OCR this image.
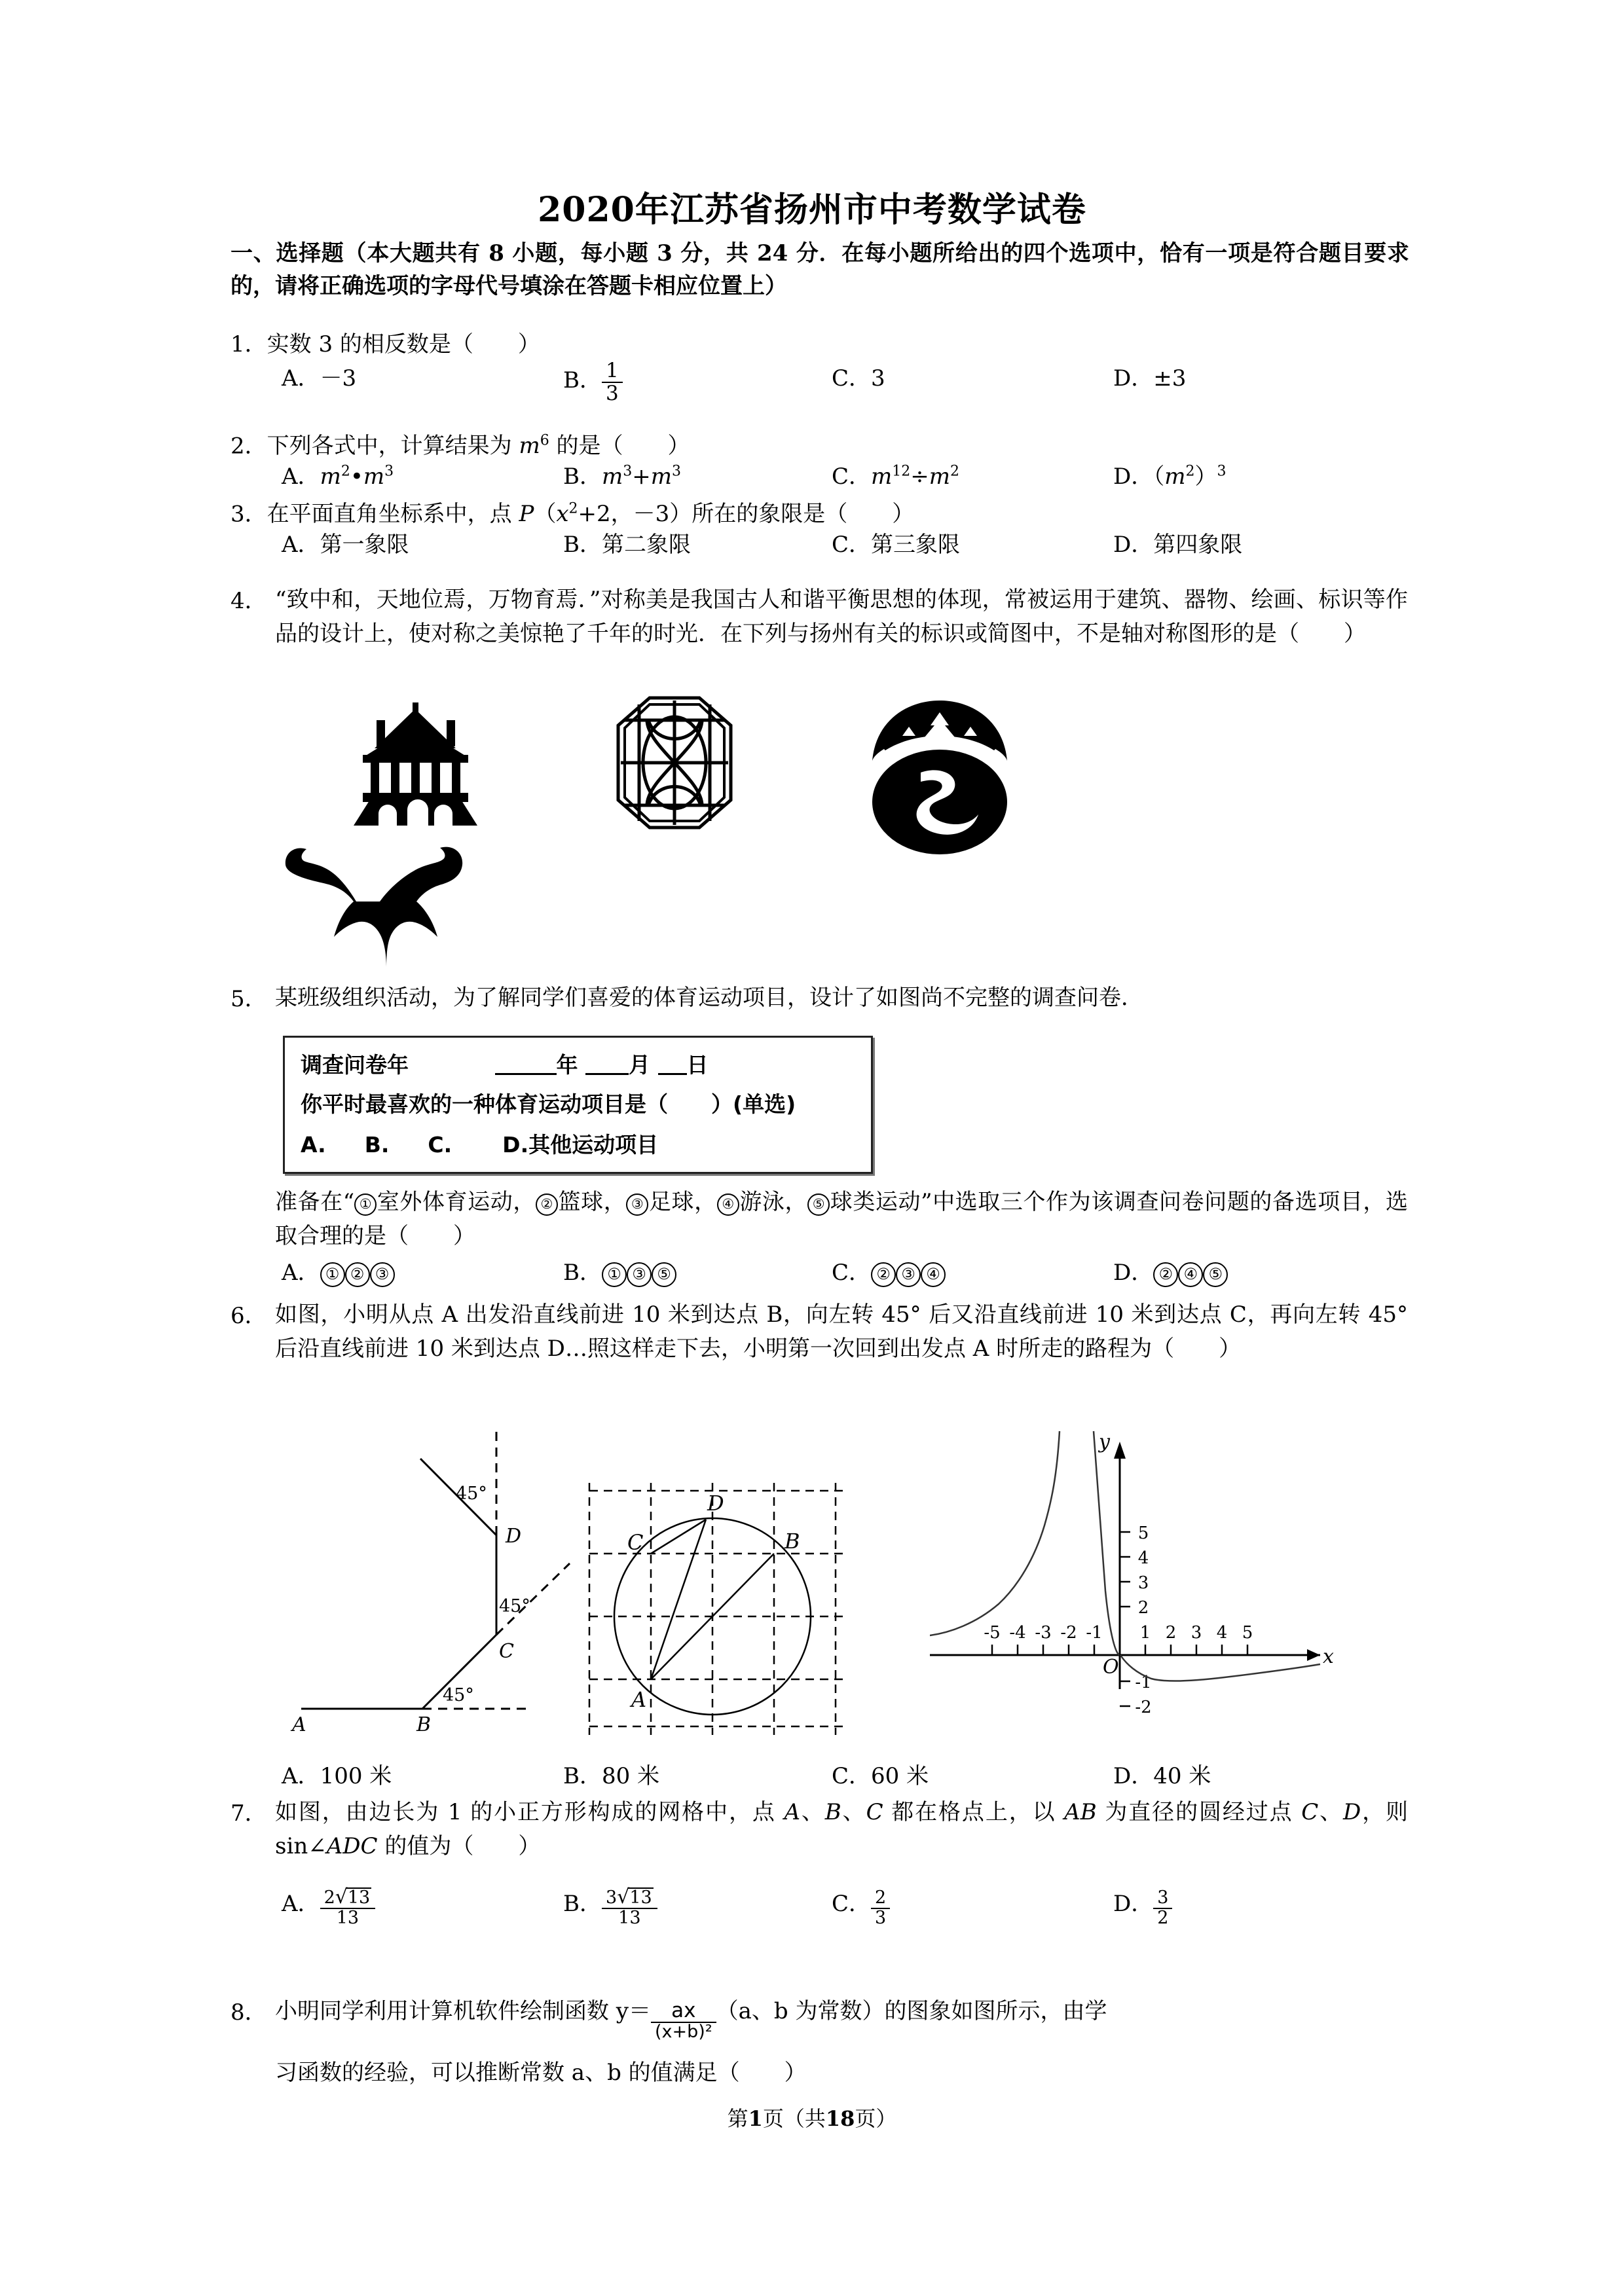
2020年江苏省扬州市中考数学试卷
一、选择题（本大题共有 8 小题，每小题 3 分，共 24 分．在每小题所给出的四个选项中，恰有一项是符合题目要求的，请将正确选项的字母代号填涂在答题卡相应位置上）
1．实数 3 的相反数是（　　）
A．－3	B． $\frac{1}{3}$	C．3	D．±3
2．下列各式中，计算结果为 $m^6$ 的是（　　）
A．$m^2•m^3$	B．$m^3+m^3$	C．$m^{12}\div m^2$	D．$(m^2)^3$
3．在平面直角坐标系中，点 $P(x^2+2$，－3）所在的象限是（　　）
A．第一象限	B．第二象限	C．第三象限	D．第四象限
4． “致中和，天地位焉，万物育焉．”对称美是我国古人和谐平衡思想的体现，常被运用于建筑、器物、绘画、标识等作品的设计上，使对称之美惊艳了千年的时光．在下列与扬州有关的标识或简图中，不是轴对称图形的是（　　）
5． 某班级组织活动，为了解同学们喜爱的体育运动项目，设计了如图尚不完整的调查问卷．
调查问卷年	年 月 日
你平时最喜欢的一种体育运动项目是（　　）(单选)
A. B. C. D.其他运动项目
准备在“ ① 室外体育运动， ② 篮球， ③ 足球， ④ 游泳， ⑤ 球类运动”中选取三个作为该调查问卷问题的备选项目，选取合理的是（　　）
A． ① ② ③	B． ① ③ ⑤	C． ② ③ ④	D． ② ④ ⑤
6． 如图，小明从点 A 出发沿直线前进 10 米到达点 B，向左转 45° 后又沿直线前进 10 米到达点 C，再向左转 45° 后沿直线前进 10 米到达点 D…照这样走下去，小明第一次回到出发点 A 时所走的路程为（　　）
A	B
C
D
45°
45°
45°
C
D
B
A
-5 -4 -3 -2 -1 1 2 3 4 5
5
4
3
2
-1
-2
O	x
y
A．100 米	B．80 米	C．60 米	D．40 米
7． 如图，由边长为 1 的小正方形构成的网格中，点 A、B、C 都在格点上，以 AB 为直径的圆经过点 C、D，则 sin∠ADC 的值为（　　）
A． $\frac{2√13}{13}$	B． $\frac{3√13}{13}$	C． $\frac{2}{3}$	D． $\frac{3}{2}$
8． 小明同学利用计算机软件绘制函数 $y= \frac{ax}{\text{(x+b)²}} (a$、b 为常数）的图象如图所示，由学
习函数的经验，可以推断常数 a、b 的值满足（　　）
第1页（共18页）
